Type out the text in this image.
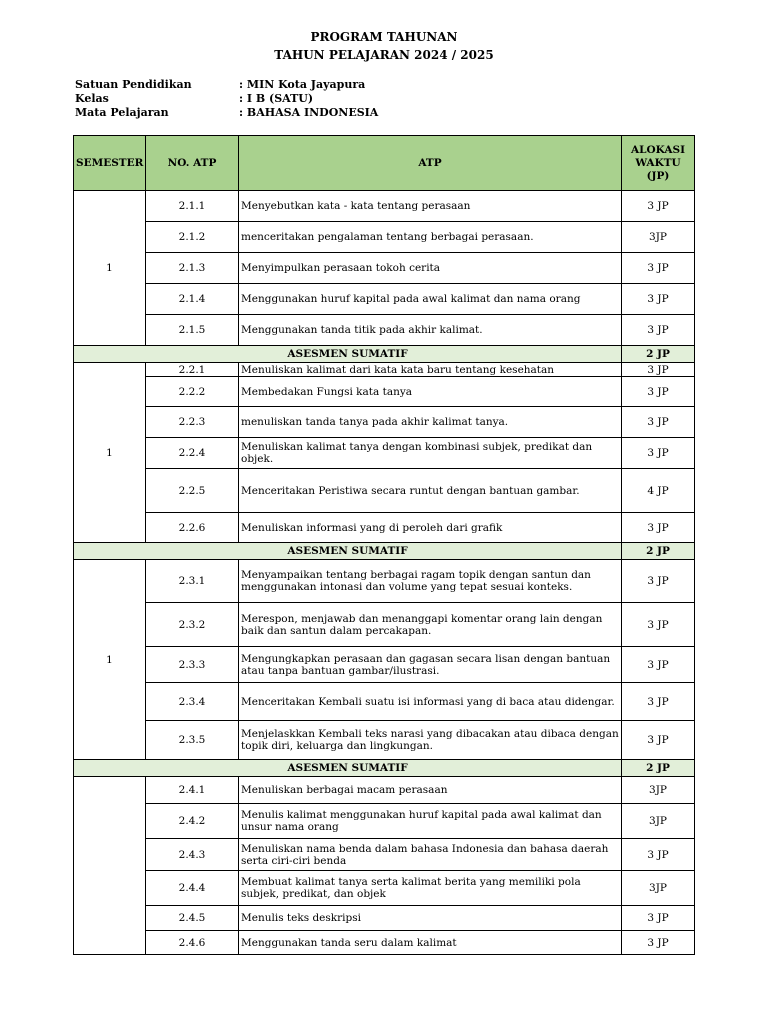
PROGRAM TAHUNAN
TAHUN PELAJARAN 2024 / 2025
Satuan Pendidikan	: MIN Kota Jayapura
Kelas	: I B (SATU)
Mata Pelajaran	: BAHASA INDONESIA
SEMESTER	NO. ATP	ATP	ALOKASI WAKTU (JP)
1	2.1.1	Menyebutkan kata - kata tentang perasaan	3 JP
	2.1.2	menceritakan pengalaman tentang berbagai perasaan.	3JP
	2.1.3	Menyimpulkan perasaan tokoh cerita	3 JP
	2.1.4	Menggunakan huruf kapital pada awal kalimat dan nama orang	3 JP
	2.1.5	Menggunakan tanda titik pada akhir kalimat.	3 JP
ASESMEN SUMATIF			2 JP
1	2.2.1	Menuliskan kalimat dari kata kata baru tentang kesehatan	3 JP
	2.2.2	Membedakan Fungsi kata tanya	3 JP
	2.2.3	menuliskan tanda tanya pada akhir kalimat tanya.	3 JP
	2.2.4	Menuliskan kalimat tanya dengan kombinasi subjek, predikat dan objek.	3 JP
	2.2.5	Menceritakan Peristiwa secara runtut dengan bantuan gambar.	4 JP
	2.2.6	Menuliskan informasi yang di peroleh dari grafik	3 JP
ASESMEN SUMATIF			2 JP
1	2.3.1	Menyampaikan tentang berbagai ragam topik dengan santun dan menggunakan intonasi dan volume yang tepat sesuai konteks.	3 JP
	2.3.2	Merespon, menjawab dan menanggapi komentar orang lain dengan baik dan santun dalam percakapan.	3 JP
	2.3.3	Mengungkapkan perasaan dan gagasan secara lisan dengan bantuan atau tanpa bantuan gambar/ilustrasi.	3 JP
	2.3.4	Menceritakan Kembali suatu isi informasi yang di baca atau didengar.	3 JP
	2.3.5	Menjelaskkan Kembali teks narasi yang dibacakan atau dibaca dengan topik diri, keluarga dan lingkungan.	3 JP
ASESMEN SUMATIF			2 JP
	2.4.1	Menuliskan berbagai macam perasaan	3JP
	2.4.2	Menulis kalimat menggunakan huruf kapital pada awal kalimat dan unsur nama orang	3JP
	2.4.3	Menuliskan nama benda dalam bahasa Indonesia dan bahasa daerah serta ciri-ciri benda	3 JP
	2.4.4	Membuat kalimat tanya serta kalimat berita yang memiliki pola subjek, predikat, dan objek	3JP
	2.4.5	Menulis teks deskripsi	3 JP
	2.4.6	Menggunakan tanda seru dalam kalimat	3 JP
